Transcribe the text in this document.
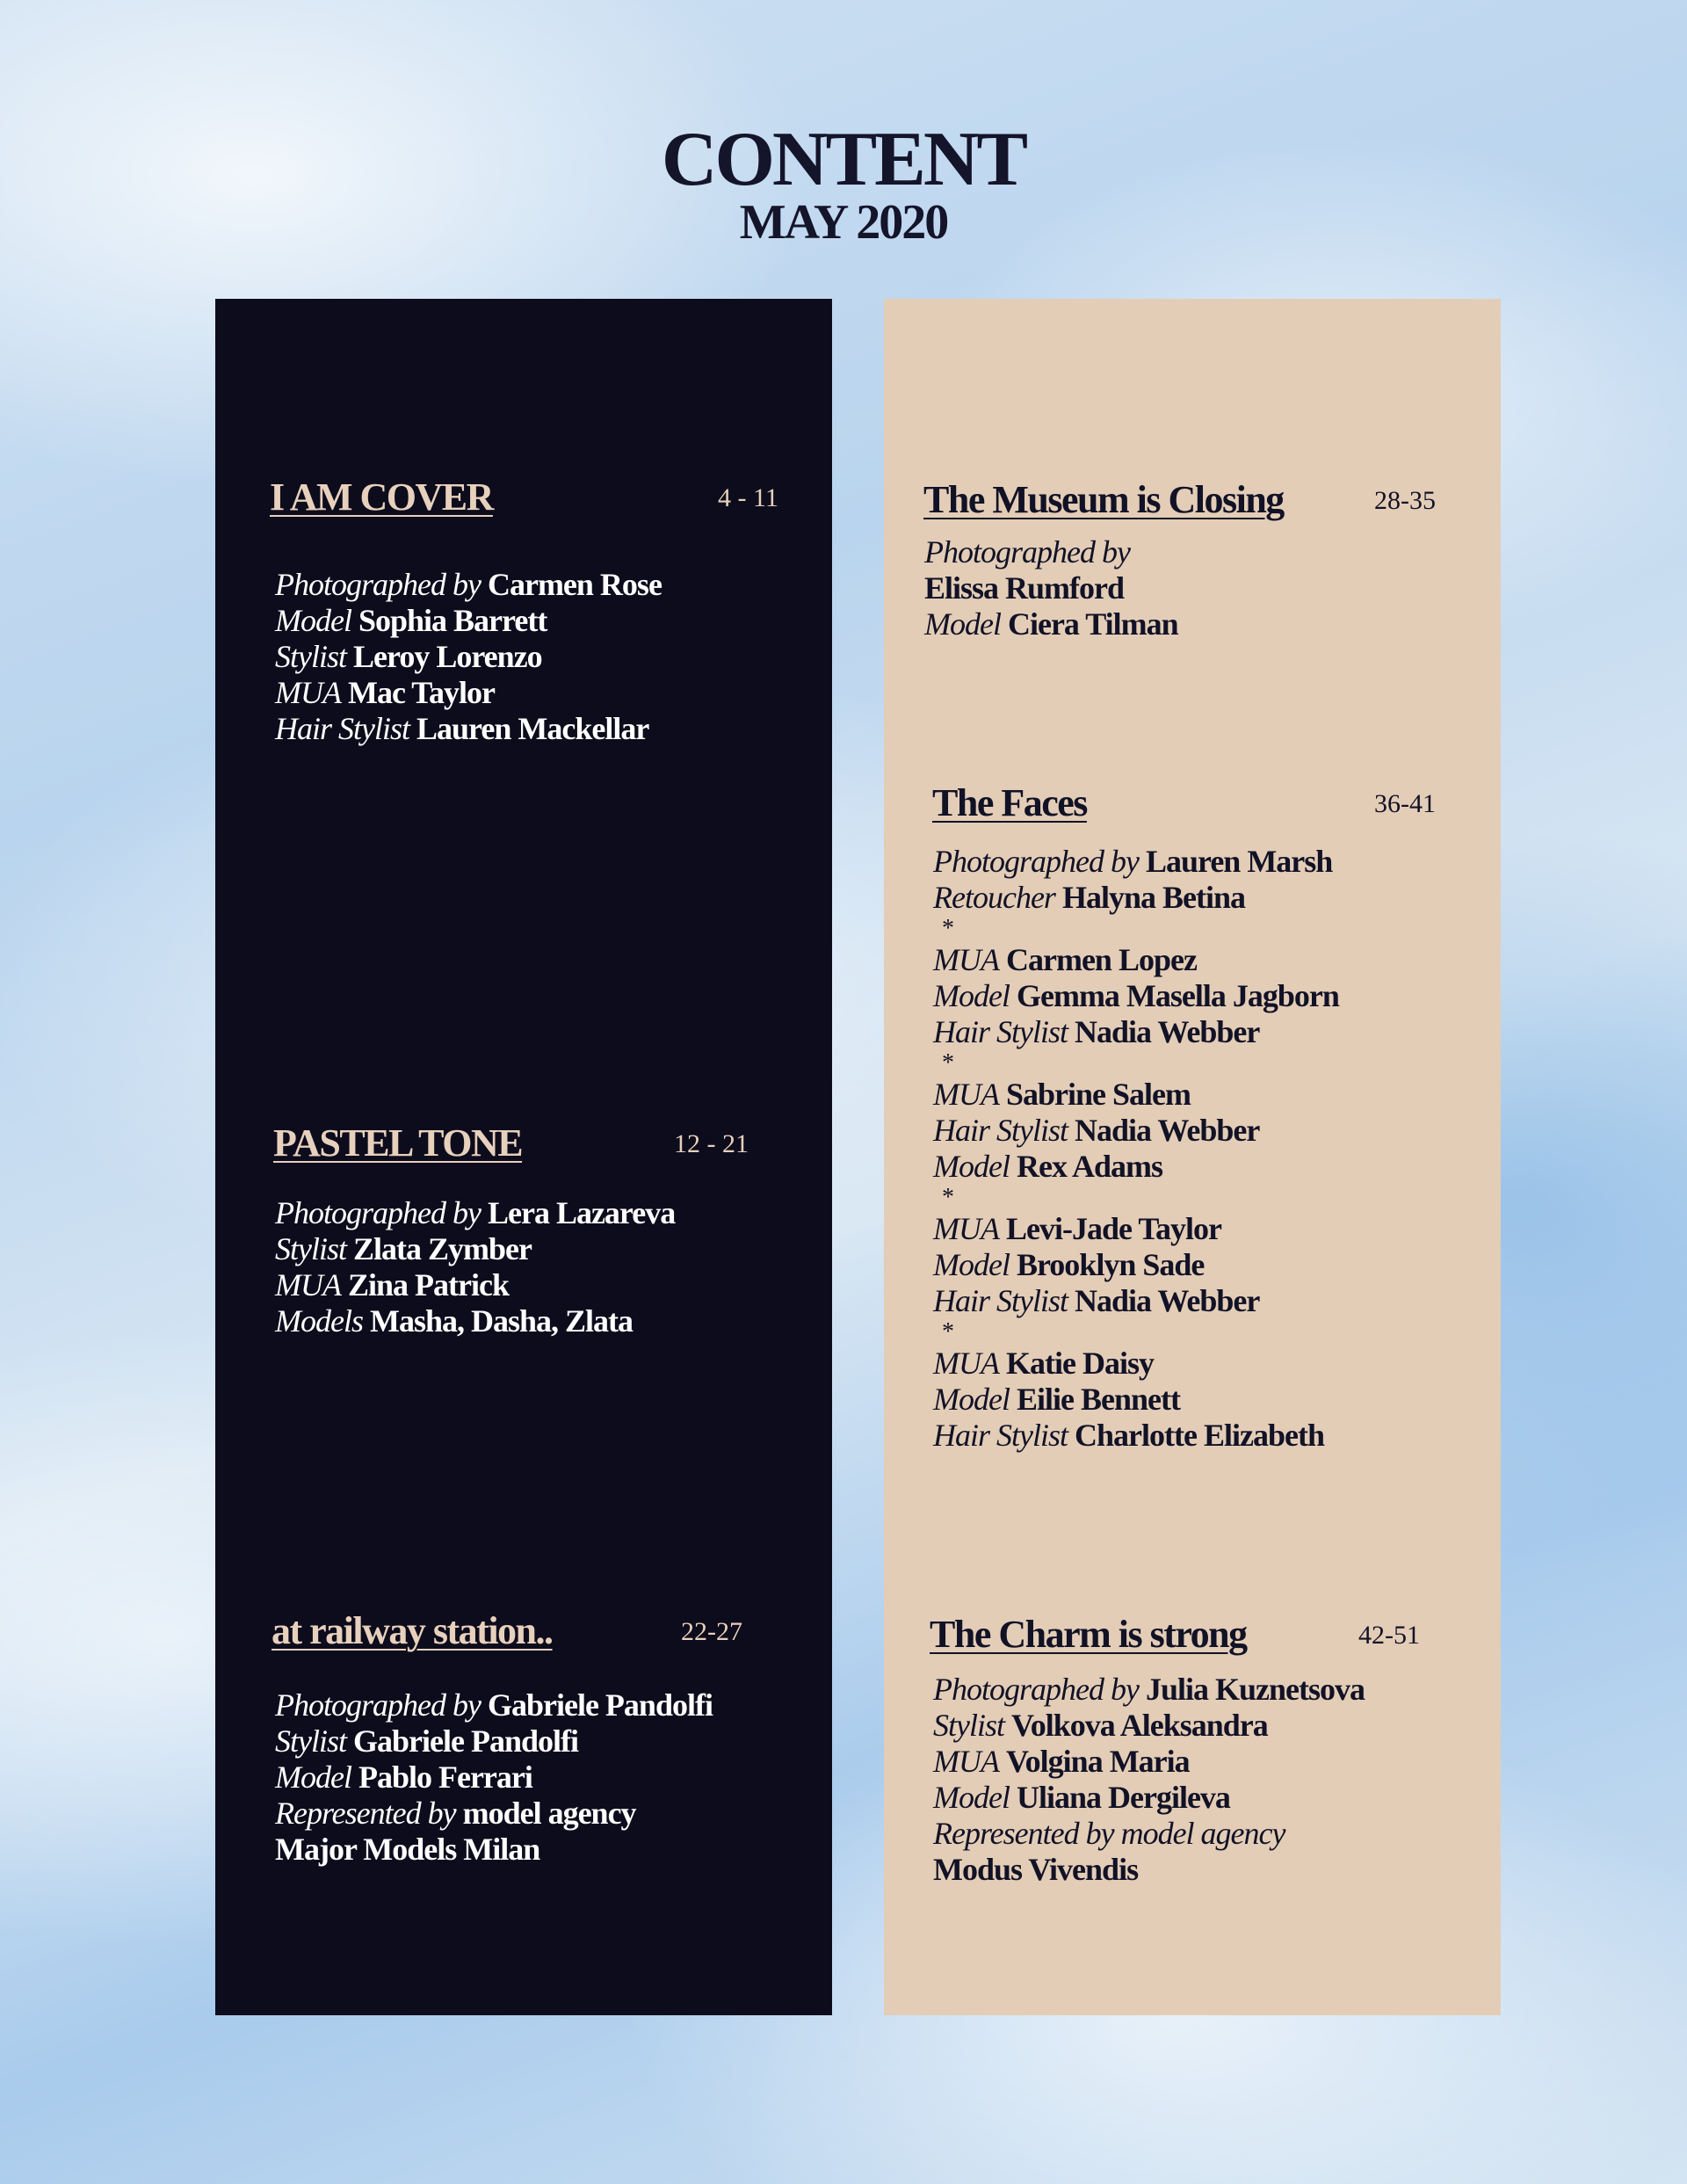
CONTENT
MAY 2020
I AM COVER	4 - 11
Photographed by Carmen Rose
Model Sophia Barrett
Stylist Leroy Lorenzo
MUA Mac Taylor
Hair Stylist Lauren Mackellar
PASTEL TONE	12 - 21
Photographed by Lera Lazareva
Stylist Zlata Zymber
MUA Zina Patrick
Models Masha, Dasha, Zlata
at railway station..	22-27
Photographed by Gabriele Pandolfi
Stylist Gabriele Pandolfi
Model Pablo Ferrari
Represented by model agency
Major Models Milan
The Museum is Closing	28-35
Photographed by
Elissa Rumford
Model Ciera Tilman
The Faces	36-41
Photographed by Lauren Marsh
Retoucher Halyna Betina
*
MUA Carmen Lopez
Model Gemma Masella Jagborn
Hair Stylist Nadia Webber
*
MUA Sabrine Salem
Hair Stylist Nadia Webber
Model Rex Adams
*
MUA Levi-Jade Taylor
Model Brooklyn Sade
Hair Stylist Nadia Webber
*
MUA Katie Daisy
Model Eilie Bennett
Hair Stylist Charlotte Elizabeth
The Charm is strong	42-51
Photographed by Julia Kuznetsova
Stylist Volkova Aleksandra
MUA Volgina Maria
Model Uliana Dergileva
Represented by model agency
Modus Vivendis
